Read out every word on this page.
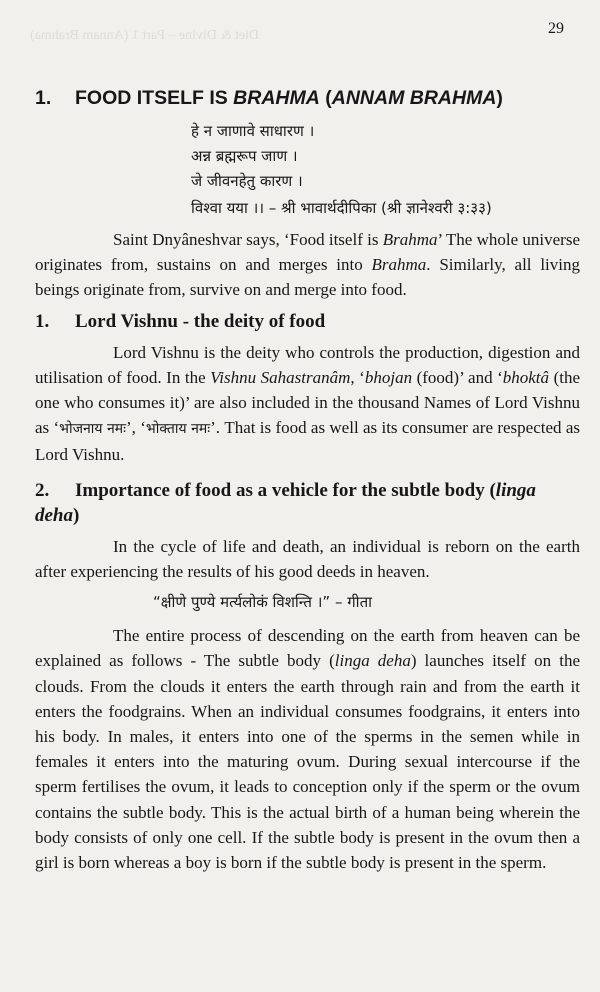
29
Diet & Divine – Part 1 (Annam Brahma)
1. FOOD ITSELF IS BRAHMA (ANNAM BRAHMA)
हे न जाणावे साधारण ।
अन्न ब्रह्मरूप जाण ।
जे जीवनहेतु कारण ।
विश्वा यया ।। – श्री भावार्थदीपिका (श्री ज्ञानेश्वरी ३:३३)

Saint Dnyâneshvar says, ‘Food itself is Brahma’ The whole universe originates from, sustains on and merges into Brahma. Similarly, all living beings originate from, survive on and merge into food.

1. Lord Vishnu - the deity of food

Lord Vishnu is the deity who controls the production, digestion and utilisation of food. In the Vishnu Sahastranâm, ‘bhojan (food)’ and ‘bhoktâ (the one who consumes it)’ are also included in the thousand Names of Lord Vishnu as ‘भोजनाय नमः’, ‘भोक्ताय नमः’. That is food as well as its consumer are respected as Lord Vishnu.

2. Importance of food as a vehicle for the subtle body (linga deha)

In the cycle of life and death, an individual is reborn on the earth after experiencing the results of his good deeds in heaven.

“क्षीणे पुण्ये मर्त्यलोकं विशन्ति ।” – गीता

The entire process of descending on the earth from heaven can be explained as follows - The subtle body (linga deha) launches itself on the clouds. From the clouds it enters the earth through rain and from the earth it enters the foodgrains. When an individual consumes foodgrains, it enters into his body. In males, it enters into one of the sperms in the semen while in females it enters into the maturing ovum. During sexual intercourse if the sperm fertilises the ovum, it leads to conception only if the sperm or the ovum contains the subtle body. This is the actual birth of a human being wherein the body consists of only one cell. If the subtle body is present in the ovum then a girl is born whereas a boy is born if the subtle body is present in the sperm.
